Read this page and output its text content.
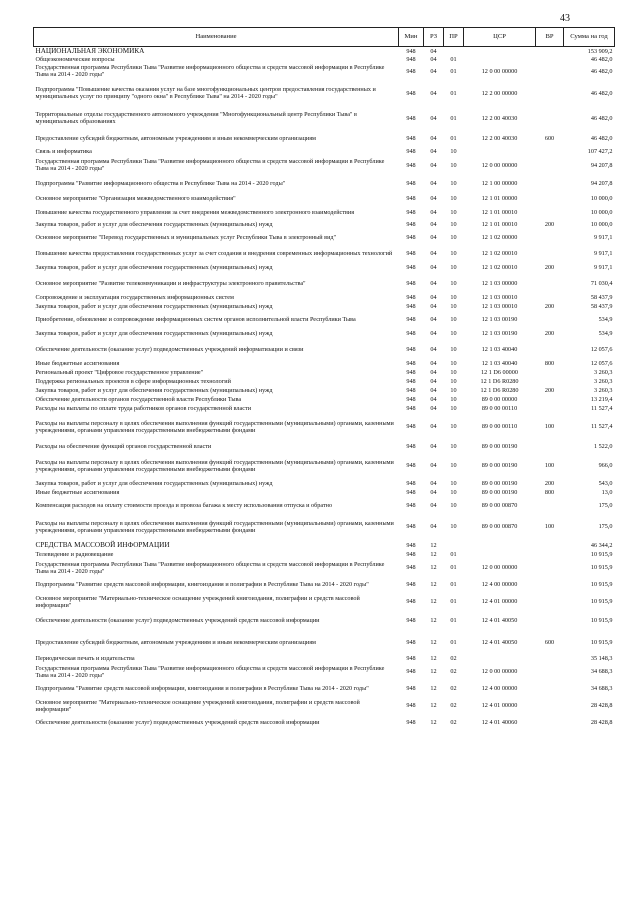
43
Наименование	Мин	РЗ	ПР	ЦСР	ВР	Сумма на год
НАЦИОНАЛЬНАЯ ЭКОНОМИКА	948	04				153 909,2
Общеэкономические вопросы	948	04	01			46 482,0
Государственная программа Республики Тыва "Развитие информационного общества и средств массовой информации в Республике Тыва на 2014 - 2020 годы"	948	04	01	12 0 00 00000		46 482,0
Подпрограмма "Повышение качества оказания услуг на базе многофункциональных центров предоставления государственных и муниципальных услуг по принципу "одного окна" в Республике Тыва" на 2014 - 2020 годы"	948	04	01	12 2 00 00000		46 482,0
Территориальные отделы государственного автономного учреждения "Многофункциональный центр Республики Тыва" в муниципальных образованиях	948	04	01	12 2 00 40030		46 482,0
Предоставление субсидий бюджетным, автономным учреждениям и иным некоммерческим организациям	948	04	01	12 2 00 40030	600	46 482,0
Связь и информатика	948	04	10			107 427,2
Государственная программа Республики Тыва "Развитие информационного общества и средств массовой информации в Республике Тыва на 2014 - 2020 годы"	948	04	10	12 0 00 00000		94 207,8
Подпрограмма "Развитие информационного общества в Республике Тыва на 2014 - 2020 годы"	948	04	10	12 1 00 00000		94 207,8
Основное мероприятие "Организация межведомственного взаимодействия"	948	04	10	12 1 01 00000		10 000,0
Повышение качества государственного управления за счет внедрения межведомственного электронного взаимодействия	948	04	10	12 1 01 00010		10 000,0
Закупка товаров, работ и услуг для обеспечения государственных (муниципальных) нужд	948	04	10	12 1 01 00010	200	10 000,0
Основное мероприятие "Перевод государственных и муниципальных услуг Республики Тыва в электронный вид"	948	04	10	12 1 02 00000		9 917,1
Повышение качества предоставления государственных услуг за счет создания и внедрения современных информационных технологий	948	04	10	12 1 02 00010		9 917,1
Закупка товаров, работ и услуг для обеспечения государственных (муниципальных) нужд	948	04	10	12 1 02 00010	200	9 917,1
Основное мероприятие "Развитие телекоммуникации и инфраструктуры электронного правительства"	948	04	10	12 1 03 00000		71 030,4
Сопровождение и эксплуатация государственных информационных систем	948	04	10	12 1 03 00010		58 437,9
Закупка товаров, работ и услуг для обеспечения государственных (муниципальных) нужд	948	04	10	12 1 03 00010	200	58 437,9
Приобретение, обновление и сопровождение информационных систем органов исполнительной власти Республики Тыва	948	04	10	12 1 03 00190		534,9
Закупка товаров, работ и услуг для обеспечения государственных (муниципальных) нужд	948	04	10	12 1 03 00190	200	534,9
Обеспечение деятельности (оказание услуг) подведомственных учреждений информатизации и связи	948	04	10	12 1 03 40040		12 057,6
Иные бюджетные ассигнования	948	04	10	12 1 03 40040	800	12 057,6
Региональный проект "Цифровое государственное управление"	948	04	10	12 1 D6 00000		3 260,3
Поддержка региональных проектов в сфере информационных технологий	948	04	10	12 1 D6 R0280		3 260,3
Закупка товаров, работ и услуг для обеспечения государственных (муниципальных) нужд	948	04	10	12 1 D6 R0280	200	3 260,3
Обеспечение деятельности органов государственной власти Республики Тыва	948	04	10	89 0 00 00000		13 219,4
Расходы на выплаты по оплате труда работников органов государственной власти	948	04	10	89 0 00 00110		11 527,4
Расходы на выплаты персоналу в целях обеспечения выполнения функций государственными (муниципальными) органами, казенными учреждениями, органами управления государственными внебюджетными фондами	948	04	10	89 0 00 00110	100	11 527,4
Расходы на обеспечение функций органов государственной власти	948	04	10	89 0 00 00190		1 522,0
Расходы на выплаты персоналу в целях обеспечения выполнения функций государственными (муниципальными) органами, казенными учреждениями, органами управления государственными внебюджетными фондами	948	04	10	89 0 00 00190	100	966,0
Закупка товаров, работ и услуг для обеспечения государственных (муниципальных) нужд	948	04	10	89 0 00 00190	200	543,0
Иные бюджетные ассигнования	948	04	10	89 0 00 00190	800	13,0
Компенсация расходов на оплату стоимости проезда и провоза багажа к месту использования отпуска и обратно	948	04	10	89 0 00 00870		175,0
Расходы на выплаты персоналу в целях обеспечения выполнения функций государственными (муниципальными) органами, казенными учреждениями, органами управления государственными внебюджетными фондами	948	04	10	89 0 00 00870	100	175,0
СРЕДСТВА МАССОВОЙ ИНФОРМАЦИИ	948	12				46 344,2
Телевидение и радиовещание	948	12	01			10 915,9
Государственная программа Республики Тыва "Развитие информационного общества и средств массовой информации в Республике Тыва на 2014 - 2020 годы"	948	12	01	12 0 00 00000		10 915,9
Подпрограмма "Развитие средств массовой информации, книгоиздания и полиграфии в Республике Тыва на 2014 - 2020 годы"	948	12	01	12 4 00 00000		10 915,9
Основное мероприятие "Материально-техническое оснащение учреждений книгоиздания, полиграфии и средств массовой информации"	948	12	01	12 4 01 00000		10 915,9
Обеспечение деятельности (оказание услуг) подведомственных учреждений средств массовой информации	948	12	01	12 4 01 40050		10 915,9
Предоставление субсидий бюджетным, автономным учреждениям и иным некоммерческим организациям	948	12	01	12 4 01 40050	600	10 915,9
Периодическая печать и издательства	948	12	02			35 148,3
Государственная программа Республики Тыва "Развитие информационного общества и средств массовой информации в Республике Тыва на 2014 - 2020 годы"	948	12	02	12 0 00 00000		34 688,3
Подпрограмма "Развитие средств массовой информации, книгоиздания и полиграфии в Республике Тыва на 2014 - 2020 годы"	948	12	02	12 4 00 00000		34 688,3
Основное мероприятие "Материально-техническое оснащение учреждений книгоиздания, полиграфии и средств массовой информации"	948	12	02	12 4 01 00000		28 428,8
Обеспечение деятельности (оказание услуг) подведомственных учреждений средств массовой информации	948	12	02	12 4 01 40060		28 428,8
